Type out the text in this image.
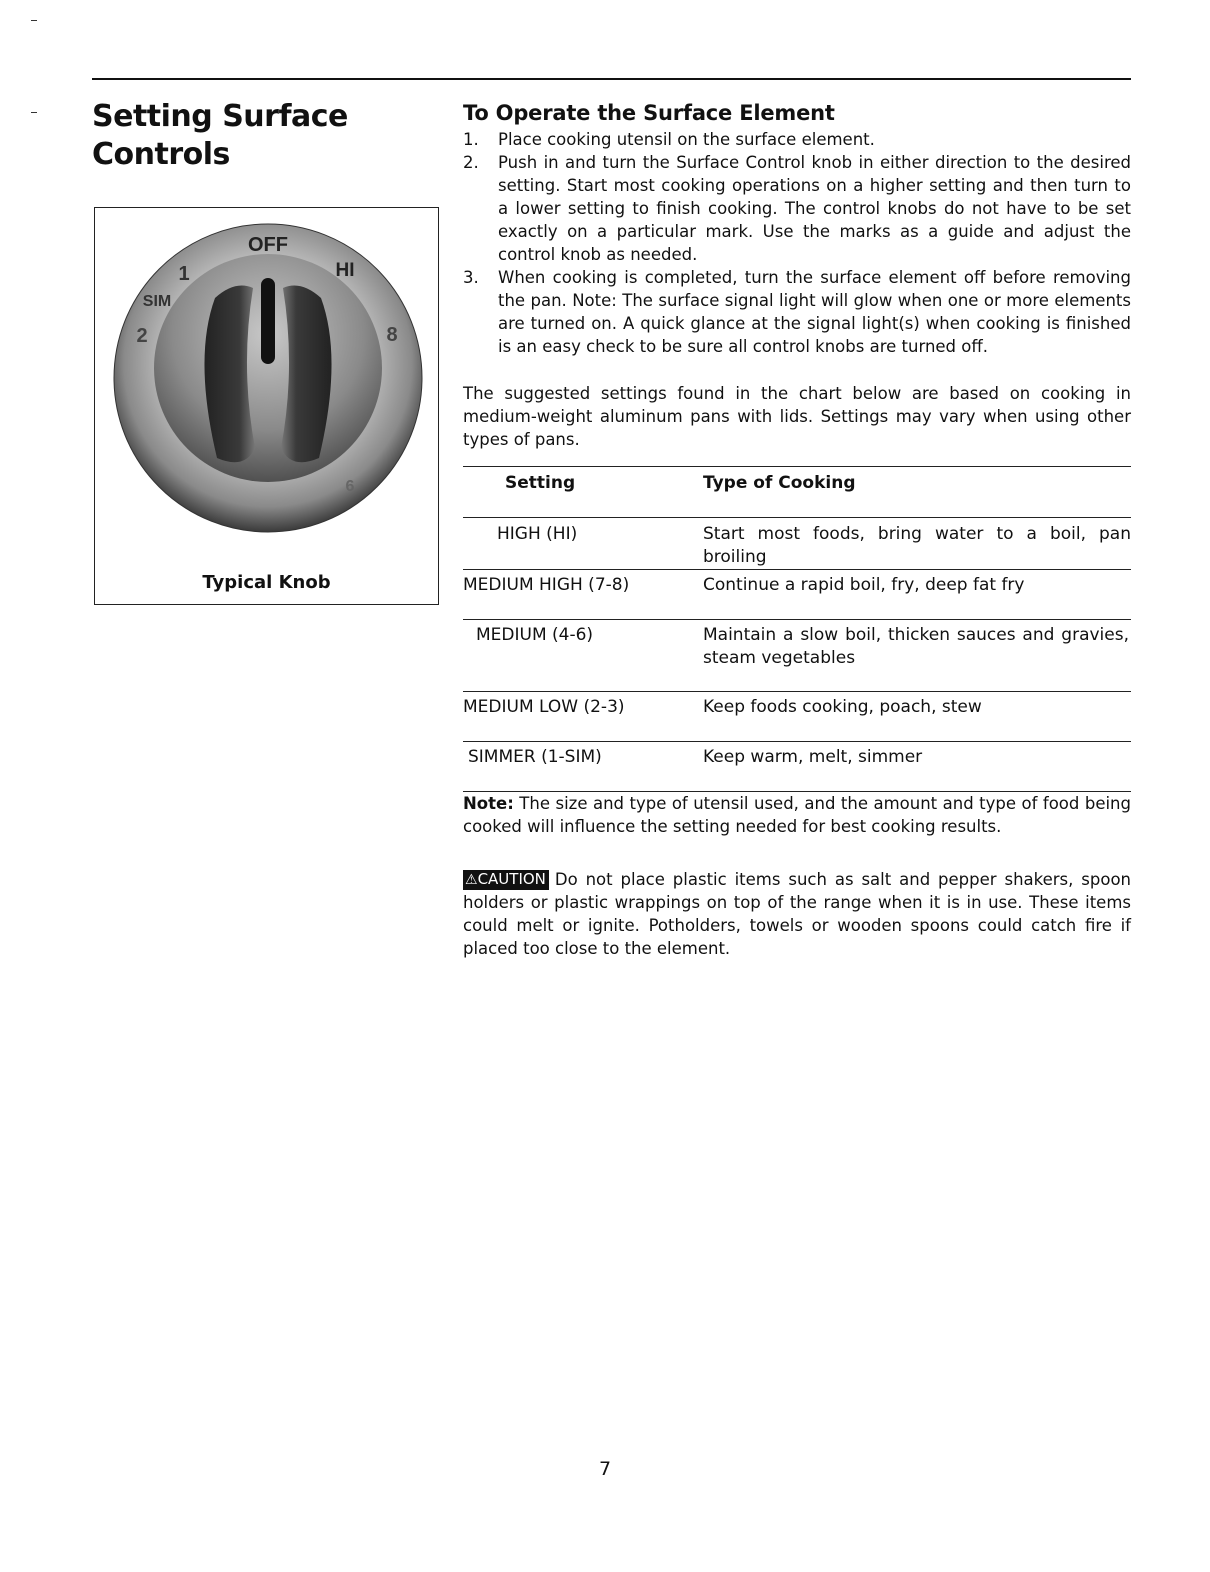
Setting Surface Controls
OFF
HI
1
SIM
2	8
6
Typical Knob
To Operate the Surface Element
1. Place cooking utensil on the surface element.
2. Push in and turn the Surface Control knob in either direction to the desired setting. Start most cooking operations on a higher setting and then turn to a lower setting to finish cooking. The control knobs do not have to be set exactly on a particular mark. Use the marks as a guide and adjust the control knob as needed.
3. When cooking is completed, turn the surface element off before removing the pan. Note: The surface signal light will glow when one or more elements are turned on. A quick glance at the signal light(s) when cooking is finished is an easy check to be sure all control knobs are turned off.
The suggested settings found in the chart below are based on cooking in medium-weight aluminum pans with lids. Settings may vary when using other types of pans.
Setting	Type of Cooking
HIGH (HI)	Start most foods, bring water to a boil, pan broiling
MEDIUM HIGH (7-8)	Continue a rapid boil, fry, deep fat fry
MEDIUM (4-6)	Maintain a slow boil, thicken sauces and gravies, steam vegetables
MEDIUM LOW (2-3)	Keep foods cooking, poach, stew
SIMMER (1-SIM)	Keep warm, melt, simmer
Note: The size and type of utensil used, and the amount and type of food being cooked will influence the setting needed for best cooking results.
⚠CAUTION Do not place plastic items such as salt and pepper shakers, spoon holders or plastic wrappings on top of the range when it is in use. These items could melt or ignite. Potholders, towels or wooden spoons could catch fire if placed too close to the element.
7
